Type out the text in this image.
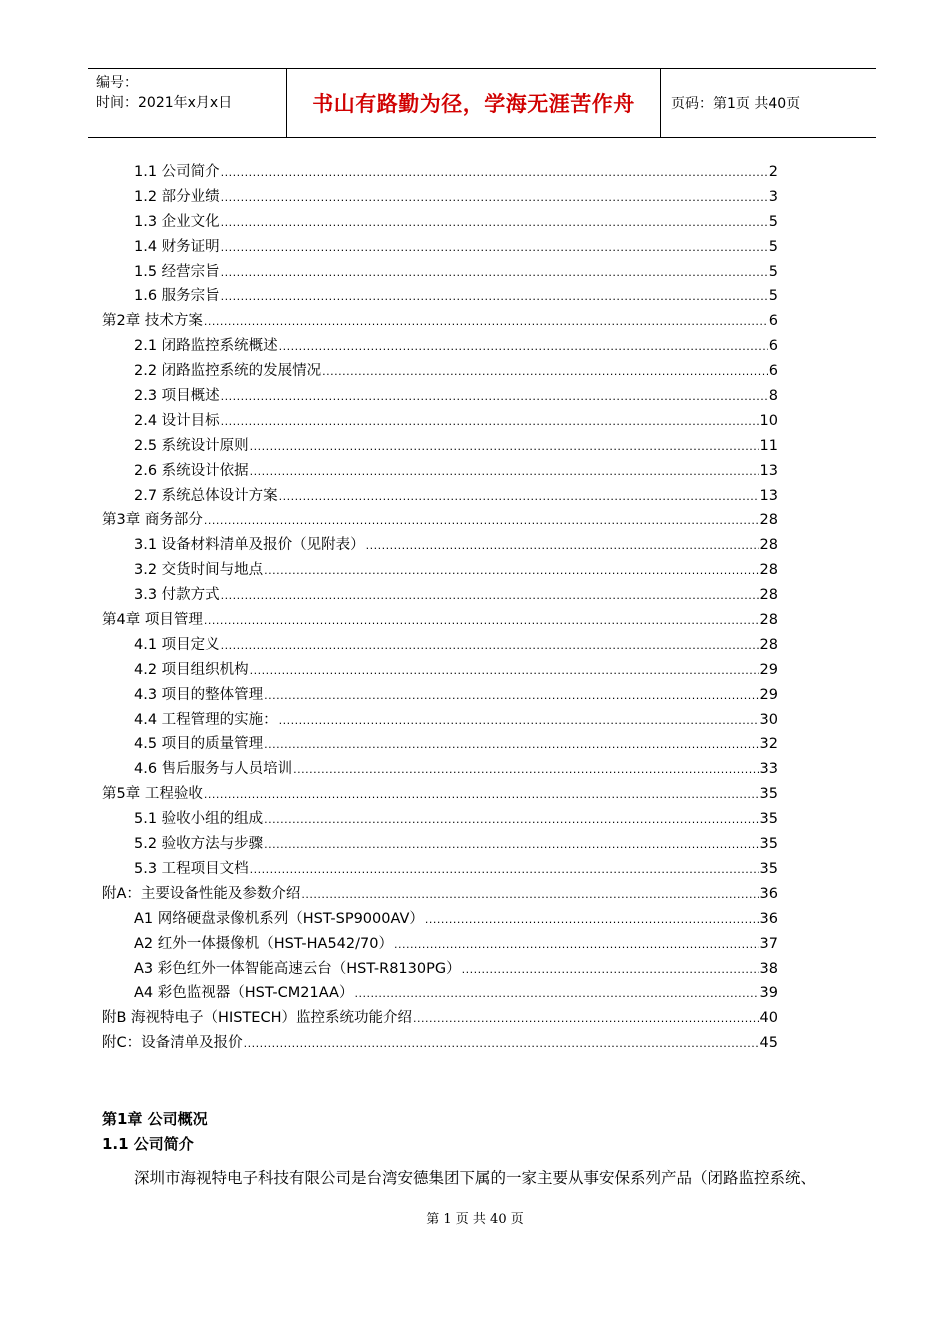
编号：
时间：2021年x月x日	书山有路勤为径，学海无涯苦作舟	页码：第1页 共40页
1.1 公司简介 .....	2
1.2 部分业绩 .....	3
1.3 企业文化 .....	5
1.4 财务证明 .....	5
1.5 经营宗旨 .....	5
1.6 服务宗旨 .....	5
第2章 技术方案 .....	6
2.1 闭路监控系统概述 .....	6
2.2 闭路监控系统的发展情况 .....	6
2.3 项目概述 .....	8
2.4 设计目标 .....	10
2.5 系统设计原则 .....	11
2.6 系统设计依据 .....	13
2.7 系统总体设计方案 .....	13
第3章 商务部分 .....	28
3.1 设备材料清单及报价（见附表） .....	28
3.2 交货时间与地点 .....	28
3.3 付款方式 .....	28
第4章 项目管理 .....	28
4.1 项目定义 .....	28
4.2 项目组织机构 .....	29
4.3 项目的整体管理 .....	29
4.4 工程管理的实施： .....	30
4.5 项目的质量管理 .....	32
4.6 售后服务与人员培训 .....	33
第5章 工程验收 .....	35
5.1 验收小组的组成 .....	35
5.2 验收方法与步骤 .....	35
5.3 工程项目文档 .....	35
附A：主要设备性能及参数介绍 .....	36
A1 网络硬盘录像机系列（HST-SP9000AV） .....	36
A2 红外一体摄像机（HST-HA542/70） .....	37
A3 彩色红外一体智能高速云台（HST-R8130PG） .....	38
A4 彩色监视器（HST-CM21AA） .....	39
附B 海视特电子（HISTECH）监控系统功能介绍 .....	40
附C：设备清单及报价 .....	45
第1章 公司概况
1.1 公司简介
深圳市海视特电子科技有限公司是台湾安德集团下属的一家主要从事安保系列产品（闭路监控系统、
第 1 页 共 40 页
